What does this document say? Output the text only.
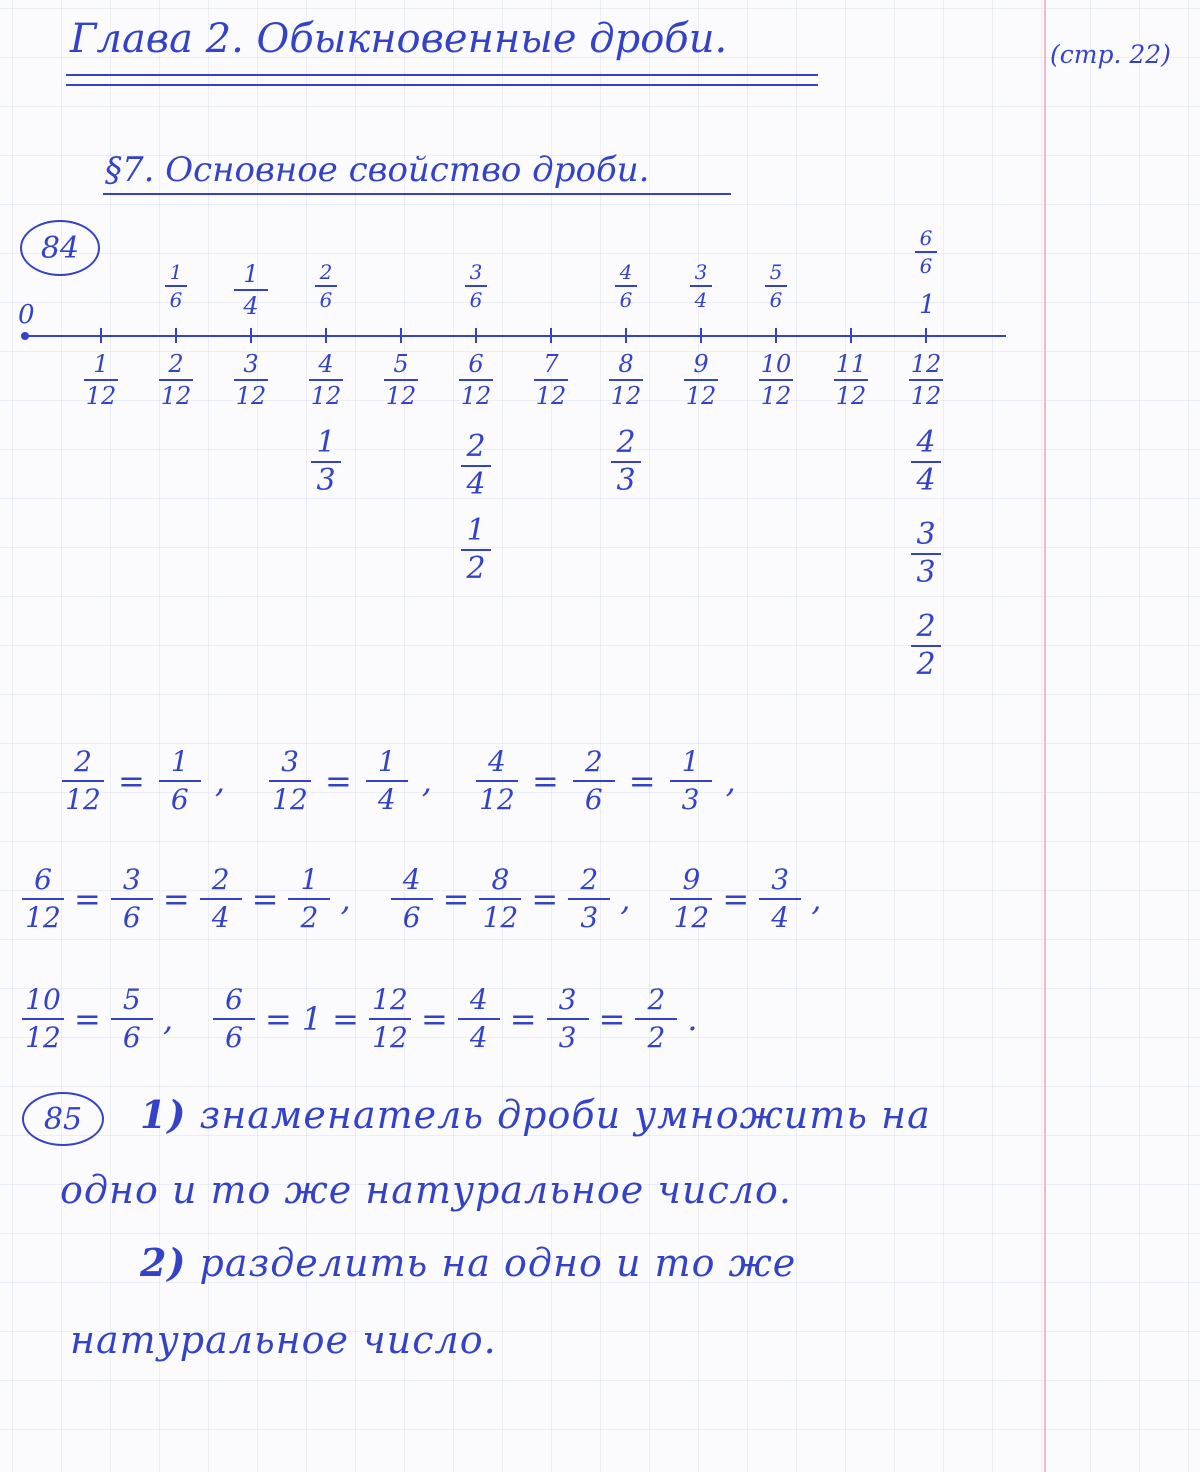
Глава 2. Обыкновенные дроби.	(стр. 22)
§7. Основное свойство дроби.
84
0
1
12
2
12
3
12
4
12
5
12
6
12
7
12
8
12
9
12
10
12
11
12
12
12
1
6
1
4
2
6
3
6
4
6
3
4
5
6
6
6
1
1
3
2
4
1
2
2
3
4
4
3
3
2
2
$\frac{2}{12} = \frac{1}{6}$ , $\frac{3}{12} = \frac{1}{4}$ , $\frac{4}{12} = \frac{2}{6} = \frac{1}{3}$ ,
$\frac{6}{12} = \frac{3}{6} = \frac{2}{4} = \frac{1}{2}$ , $\frac{4}{6} = \frac{8}{12} = \frac{2}{3}$ , $\frac{9}{12} = \frac{3}{4}$ ,
$\frac{10}{12} = \frac{5}{6}$ , $\frac{6}{6} = 1 = \frac{12}{12} = \frac{4}{4} = \frac{3}{3} = \frac{2}{2}$ .
85 1) знаменатель дроби умножить на
одно и то же натуральное число.
2) разделить на одно и то же
натуральное число.
